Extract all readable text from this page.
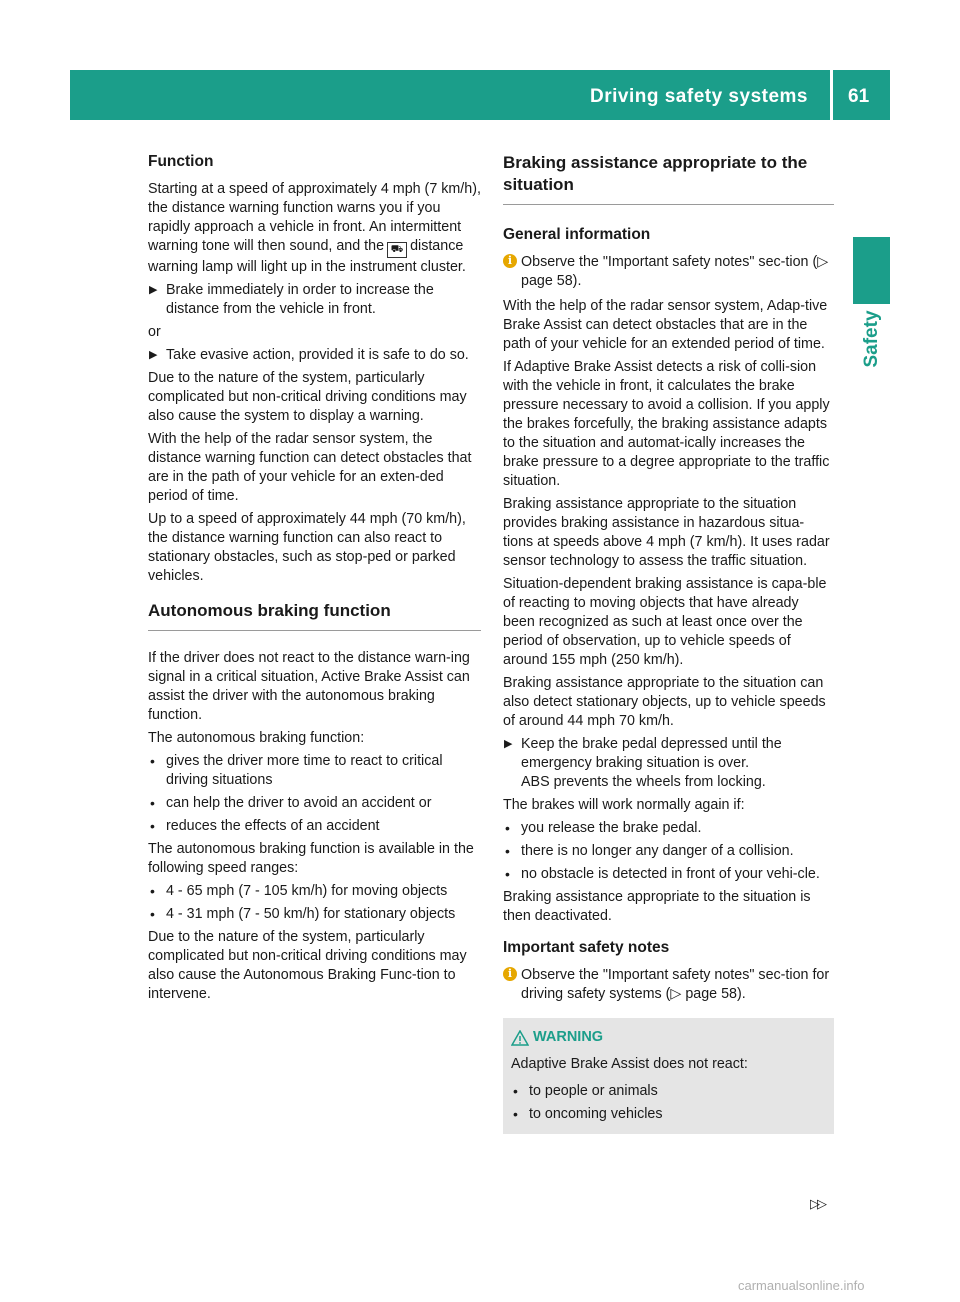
Driving safety systems 61
Safety
Function

Starting at a speed of approximately 4 mph (7 km/h), the distance warning function warns you if you rapidly approach a vehicle in front. An intermittent warning tone will then sound, and the ⛟ distance warning lamp will light up in the instrument cluster.

▶ Brake immediately in order to increase the distance from the vehicle in front.

or

▶ Take evasive action, provided it is safe to do so.

Due to the nature of the system, particularly complicated but non-critical driving conditions may also cause the system to display a warning.

With the help of the radar sensor system, the distance warning function can detect obstacles that are in the path of your vehicle for an exten-ded period of time.

Up to a speed of approximately 44 mph (70 km/h), the distance warning function can also react to stationary obstacles, such as stop-ped or parked vehicles.

Autonomous braking function

If the driver does not react to the distance warn-ing signal in a critical situation, Active Brake Assist can assist the driver with the autonomous braking function.

The autonomous braking function:

• gives the driver more time to react to critical driving situations
• can help the driver to avoid an accident or
• reduces the effects of an accident

The autonomous braking function is available in the following speed ranges:

• 4 - 65 mph (7 - 105 km/h) for moving objects
• 4 - 31 mph (7 - 50 km/h) for stationary objects

Due to the nature of the system, particularly complicated but non-critical driving conditions may also cause the Autonomous Braking Func-tion to intervene.

Braking assistance appropriate to the situation
General information
i Observe the "Important safety notes" sec-tion (▷ page 58).

With the help of the radar sensor system, Adap-tive Brake Assist can detect obstacles that are in the path of your vehicle for an extended period of time.

If Adaptive Brake Assist detects a risk of colli-sion with the vehicle in front, it calculates the brake pressure necessary to avoid a collision. If you apply the brakes forcefully, the braking assistance adapts to the situation and automat-ically increases the brake pressure to a degree appropriate to the traffic situation.

Braking assistance appropriate to the situation provides braking assistance in hazardous situa-tions at speeds above 4 mph (7 km/h). It uses radar sensor technology to assess the traffic situation.

Situation-dependent braking assistance is capa-ble of reacting to moving objects that have already been recognized as such at least once over the period of observation, up to vehicle speeds of around 155 mph (250 km/h).

Braking assistance appropriate to the situation can also detect stationary objects, up to vehicle speeds of around 44 mph 70 km/h.

▶ Keep the brake pedal depressed until the emergency braking situation is over.
ABS prevents the wheels from locking.

The brakes will work normally again if:

• you release the brake pedal.
• there is no longer any danger of a collision.
• no obstacle is detected in front of your vehi-cle.

Braking assistance appropriate to the situation is then deactivated.

Important safety notes
i Observe the "Important safety notes" sec-tion for driving safety systems (▷ page 58).
WARNING

Adaptive Brake Assist does not react:

• to people or animals
• to oncoming vehicles
▷▷
carmanualsonline.info
